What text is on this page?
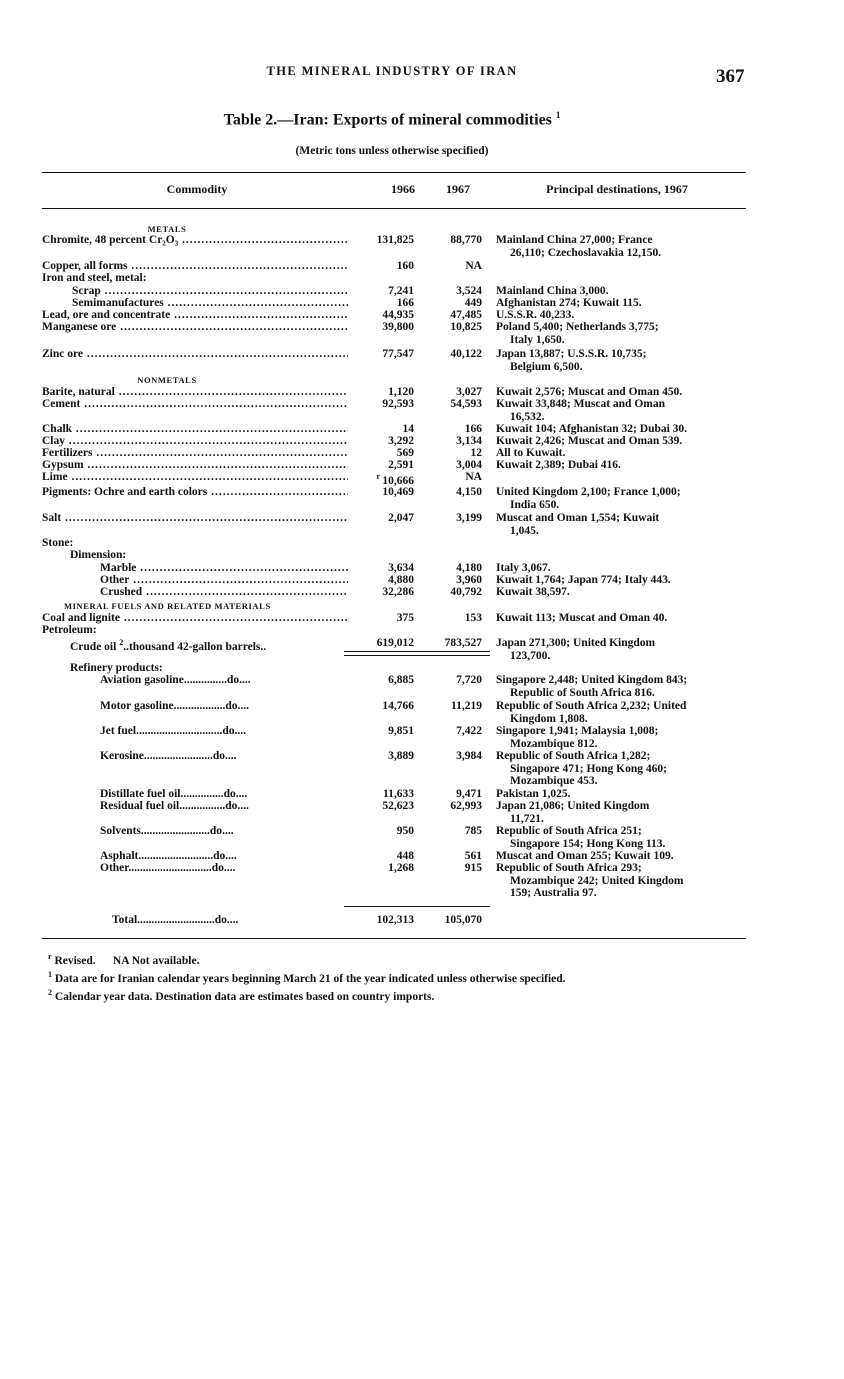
THE MINERAL INDUSTRY OF IRAN	367
Table 2.—Iran: Exports of mineral commodities $^1$
(Metric tons unless otherwise specified)
Commodity	1966	1967	Principal destinations, 1967
METALS
Chromite, 48 percent Cr₂O₃ .....	131,825	88,770 Mainland China 27,000; France
26,110; Czechoslavakia 12,150.
Copper, all forms .....	160	NA
Iron and steel, metal:
Scrap .....	7,241	3,524 Mainland China 3,000.
Semimanufactures .....	166	449 Afghanistan 274; Kuwait 115.
Lead, ore and concentrate .....	44,935	47,485 U.S.S.R. 40,233.
Manganese ore .....	39,800	10,825 Poland 5,400; Netherlands 3,775;
Italy 1,650.
Zinc ore .....	77,547	40,122 Japan 13,887; U.S.S.R. 10,735;
Belgium 6,500.
NONMETALS
Barite, natural .....	1,120	3,027 Kuwait 2,576; Muscat and Oman 450.
Cement .....	92,593	54,593 Kuwait 33,848; Muscat and Oman
16,532.
Chalk .....	14	166 Kuwait 104; Afghanistan 32; Dubai 30.
Clay .....	3,292	3,134 Kuwait 2,426; Muscat and Oman 539.
Fertilizers .....	569	12 All to Kuwait.
Gypsum .....	2,591	3,004 Kuwait 2,389; Dubai 416.
Lime .....	$^r$  10,666	NA
Pigments: Ochre and earth colors .....	10,469	4,150 United Kingdom 2,100; France 1,000;
India 650.
Salt .....	2,047	3,199 Muscat and Oman 1,554; Kuwait
1,045.
Stone:
Dimension:
Marble .....	3,634	4,180 Italy 3,067.
Other .....	4,880	3,960 Kuwait 1,764; Japan 774; Italy 443.
Crushed .....	32,286	40,792 Kuwait 38,597.
MINERAL FUELS AND RELATED MATERIALS
Coal and lignite .....	375	153 Kuwait 113; Muscat and Oman 40.
Petroleum:
Crude oil $^2$..thousand 42-gallon barrels..	619,012	783,527 Japan 271,300; United Kingdom
123,700.
Refinery products:
Aviation gasoline...............do....	6,885	7,720 Singapore 2,448; United Kingdom 843;
Republic of South Africa 816.
Motor gasoline..................do....	14,766	11,219 Republic of South Africa 2,232; United
Kingdom 1,808.
Jet fuel..............................do....	9,851	7,422 Singapore 1,941; Malaysia 1,008;
Mozambique 812.
Kerosine........................do....	3,889	3,984 Republic of South Africa 1,282;
Singapore 471; Hong Kong 460;
Mozambique 453.
Distillate fuel oil...............do....	11,633	9,471 Pakistan 1,025.
Residual fuel oil................do....	52,623	62,993 Japan 21,086; United Kingdom
11,721.
Solvents........................do....	950	785 Republic of South Africa 251;
Singapore 154; Hong Kong 113.
Asphalt..........................do....	448	561 Muscat and Oman 255; Kuwait 109.
Other.............................do....	1,268	915 Republic of South Africa 293;
Mozambique 242; United Kingdom
159; Australia 97.
Total...........................do....	102,313	105,070
$^r$ Revised. NA Not available.
$^1$ Data are for Iranian calendar years beginning March 21 of the year indicated unless otherwise specified.
$^2$ Calendar year data. Destination data are estimates based on country imports.
